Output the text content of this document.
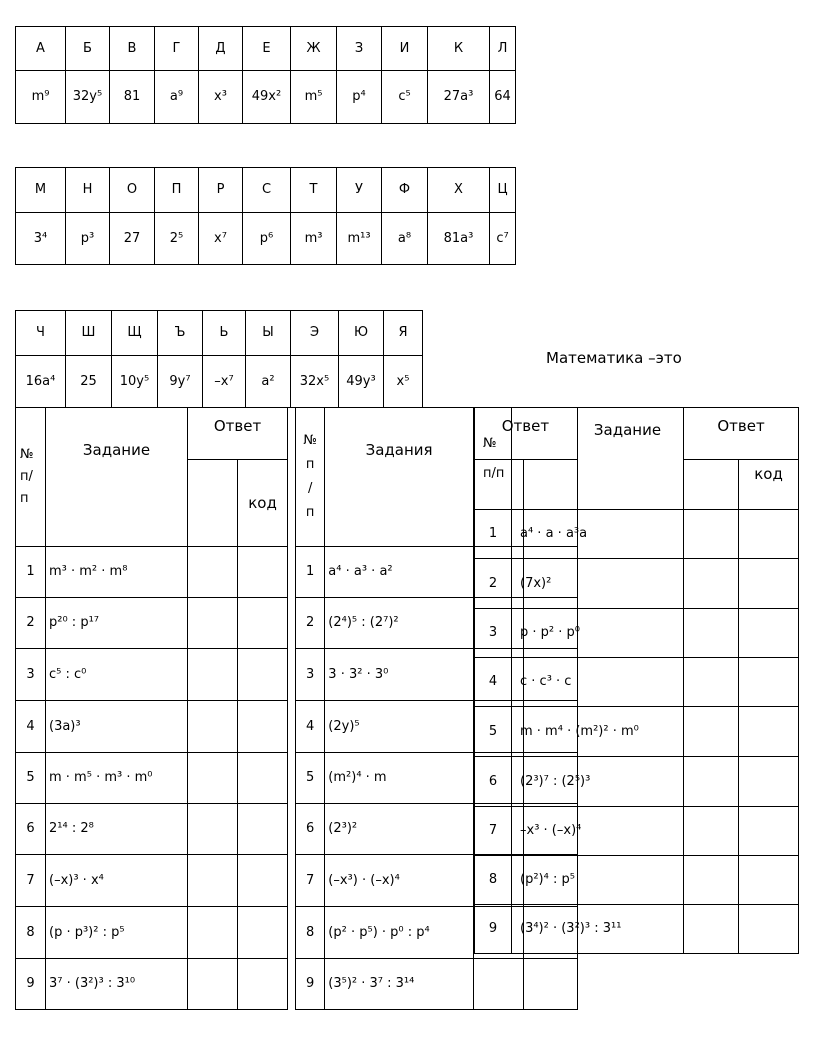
А	Б	В	Г	Д	Е	Ж	З	И	К	Л
m⁹	32y⁵	81	a⁹	x³	49x²	m⁵	p⁴	c⁵	27a³	64
М	Н	О	П	Р	С	Т	У	Ф	Х	Ц
3⁴	p³	27	2⁵	x⁷	p⁶	m³	m¹³	a⁸	81a³	c⁷
Ч	Ш	Щ	Ъ	Ь	Ы	Э	Ю	Я
16a⁴	25	10y⁵	9y⁷	–x⁷	a²	32x⁵	49y³	x⁵
Математика –это
№
п/
п	Задание	Ответ	
			код
1	m³ · m² · m⁸		
2	p²⁰ : p¹⁷		
3	c⁵ : c⁰		
4	(3a)³		
5	m · m⁵ · m³ · m⁰		
6	2¹⁴ : 2⁸		
7	(–x)³ · x⁴		
8	(p · p³)² : p⁵		
9	3⁷ · (3²)³ : 3¹⁰		
№
п
/
п	Задания	Ответ	

1	a⁴ · a³ · a²		
2	(2⁴)⁵ : (2⁷)²		
3	3 · 3² · 3⁰		
4	(2y)⁵		
5	(m²)⁴ · m		
6	(2³)²		
7	(–x³) · (–x)⁴		
8	(p² · p⁵) · p⁰ : p⁴		
9	(3⁵)² · 3⁷ : 3¹⁴		
№
п/п	Задание	Ответ	
			код
1	a⁴ · a · a³a		
2	(7x)²		
3	p · p² · p⁰		
4	c · c³ · c		
5	m · m⁴ · (m²)² · m⁰		
6	(2³)⁷ : (2⁵)³		
7	–x³ · (–x)⁴		
8	(p²)⁴ : p⁵		
9	(3⁴)² · (3²)³ : 3¹¹		
